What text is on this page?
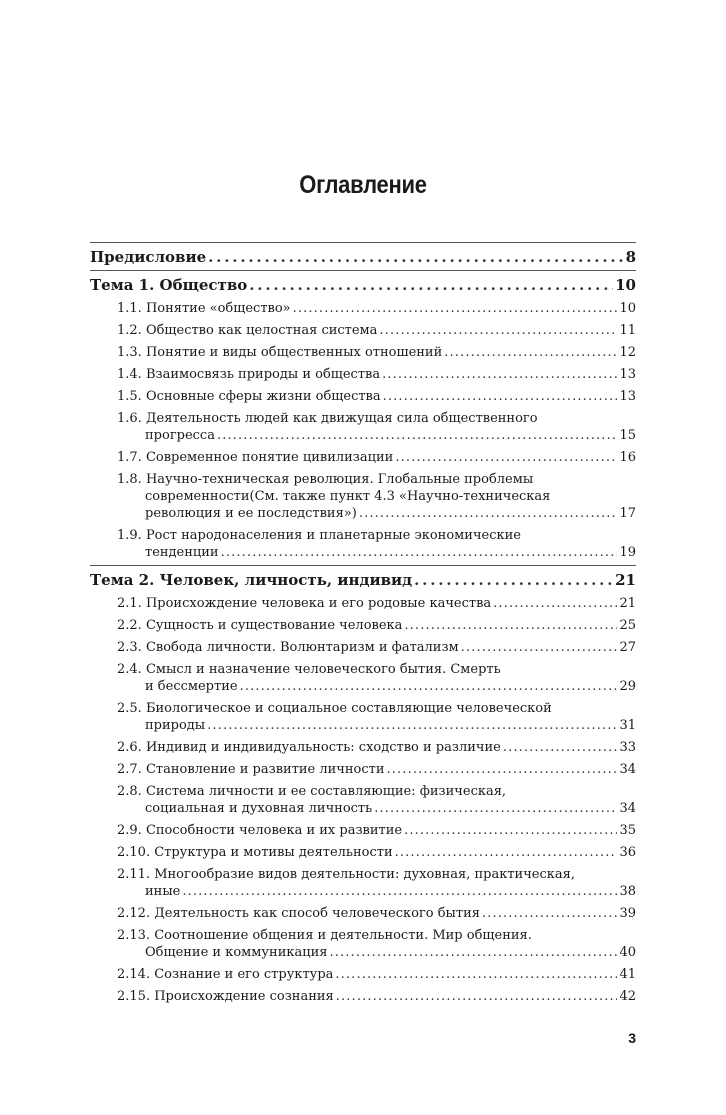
Оглавление
Предисловие . . .	8
Тема 1. Общество . . .	10
1.1. Понятие «общество» . . .	10
1.2. Общество как целостная система . . .	11
1.3. Понятие и виды общественных отношений . . .	12
1.4. Взаимосвязь природы и общества . . .	13
1.5. Основные сферы жизни общества . . .	13
1.6. Деятельность людей как движущая сила общественного
прогресса . . .	15
1.7. Современное понятие цивилизации . . .	16
1.8. Научно-техническая революция. Глобальные проблемы
современности(См. также пункт 4.3 «Научно-техническая
революция и ее последствия») . . .	17
1.9. Рост народонаселения и планетарные экономические
тенденции . . .	19
Тема 2. Человек, личность, индивид . . .	21
2.1. Происхождение человека и его родовые качества . . .	21
2.2. Сущность и существование человека . . .	25
2.3. Свобода личности. Волюнтаризм и фатализм . . .	27
2.4. Смысл и назначение человеческого бытия. Смерть
и бессмертие . . .	29
2.5. Биологическое и социальное составляющие человеческой
природы . . .	31
2.6. Индивид и индивидуальность: сходство и различие . . .	33
2.7. Становление и развитие личности . . .	34
2.8. Система личности и ее составляющие: физическая,
социальная и духовная личность . . .	34
2.9. Способности человека и их развитие . . .	35
2.10. Структура и мотивы деятельности . . .	36
2.11. Многообразие видов деятельности: духовная, практическая,
иные . . .	38
2.12. Деятельность как способ человеческого бытия . . .	39
2.13. Соотношение общения и деятельности. Мир общения.
Общение и коммуникация . . .	40
2.14. Сознание и его структура . . .	41
2.15. Происхождение сознания . . .	42
3
